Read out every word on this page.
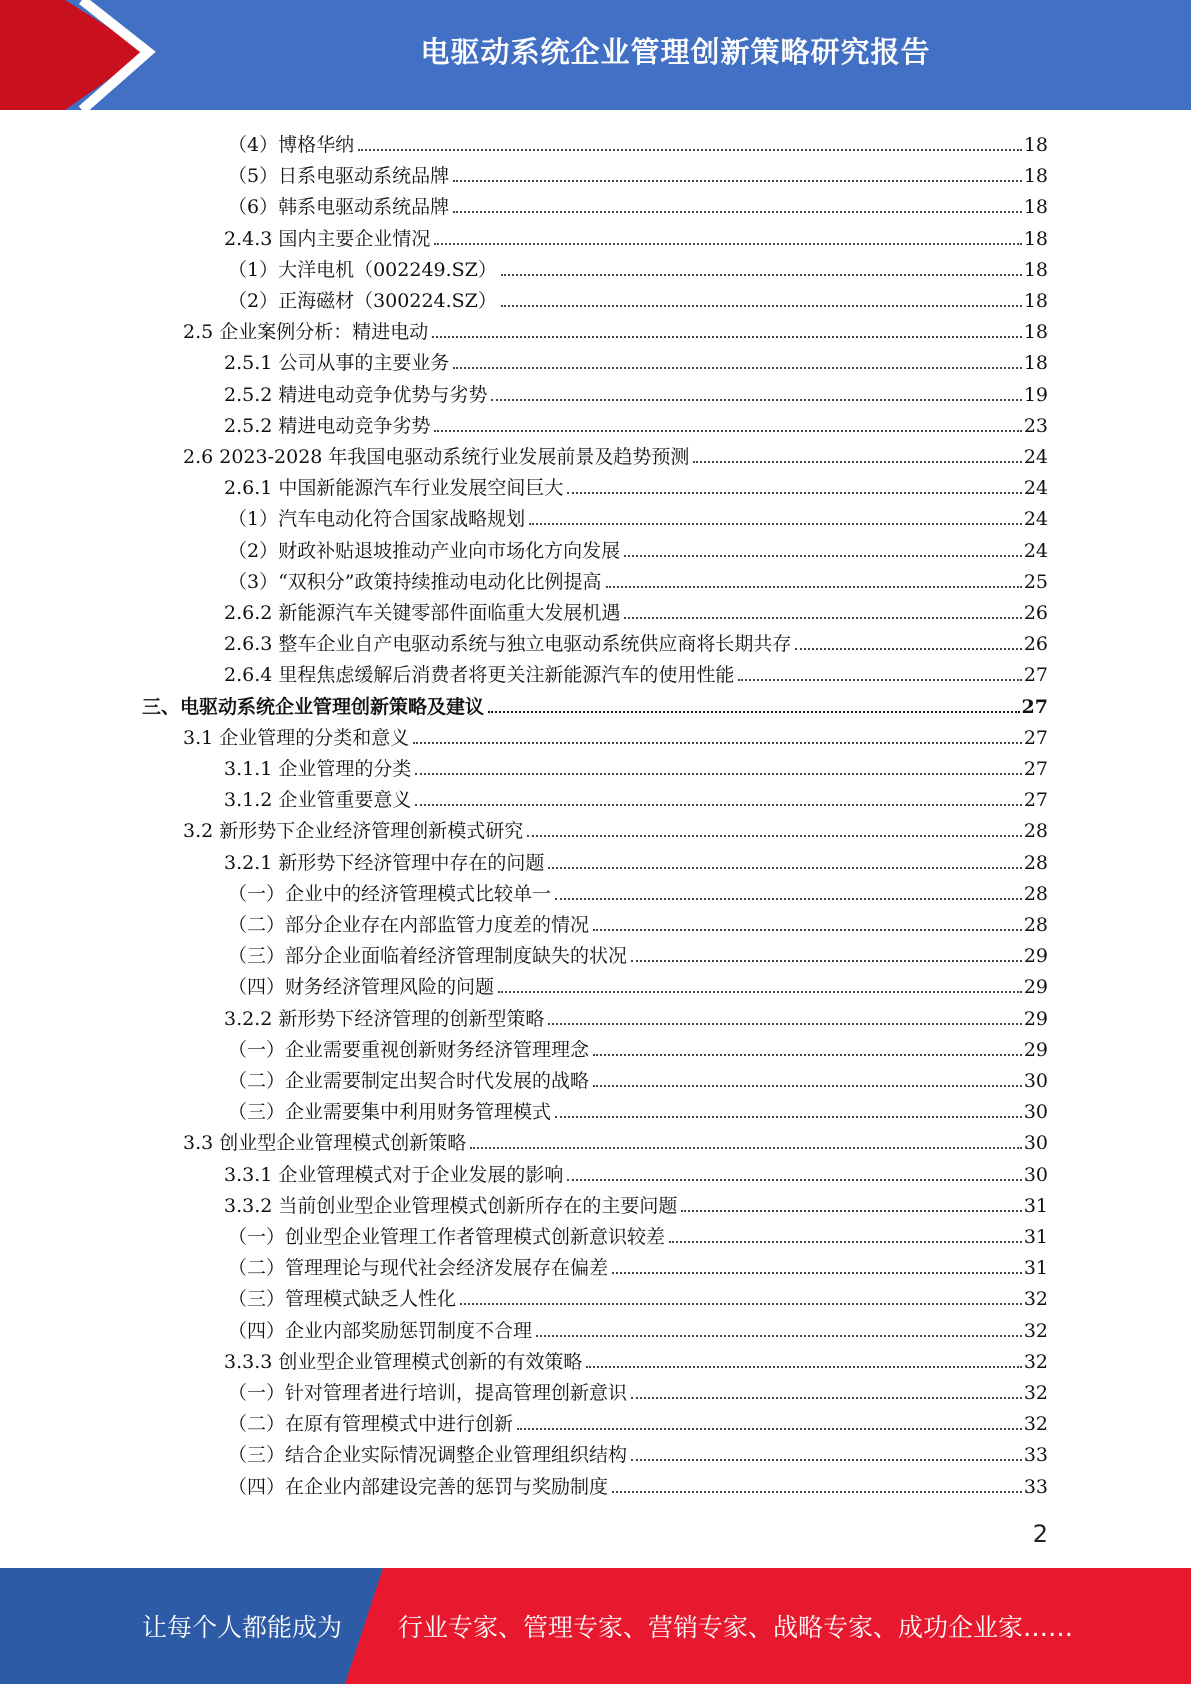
电驱动系统企业管理创新策略研究报告
（4）博格华纳	18
（5）日系电驱动系统品牌	18
（6）韩系电驱动系统品牌	18
2.4.3 国内主要企业情况	18
（1）大洋电机（002249.SZ）	18
（2）正海磁材（300224.SZ）	18
2.5 企业案例分析：精进电动	18
2.5.1 公司从事的主要业务	18
2.5.2 精进电动竞争优势与劣势	19
2.5.2 精进电动竞争劣势	23
2.6 2023-2028 年我国电驱动系统行业发展前景及趋势预测	24
2.6.1 中国新能源汽车行业发展空间巨大	24
（1）汽车电动化符合国家战略规划	24
（2）财政补贴退坡推动产业向市场化方向发展	24
（3）“双积分”政策持续推动电动化比例提高	25
2.6.2 新能源汽车关键零部件面临重大发展机遇	26
2.6.3 整车企业自产电驱动系统与独立电驱动系统供应商将长期共存	26
2.6.4 里程焦虑缓解后消费者将更关注新能源汽车的使用性能	27
三、电驱动系统企业管理创新策略及建议	27
3.1 企业管理的分类和意义	27
3.1.1 企业管理的分类	27
3.1.2 企业管重要意义	27
3.2 新形势下企业经济管理创新模式研究	28
3.2.1 新形势下经济管理中存在的问题	28
（一）企业中的经济管理模式比较单一	28
（二）部分企业存在内部监管力度差的情况	28
（三）部分企业面临着经济管理制度缺失的状况	29
（四）财务经济管理风险的问题	29
3.2.2 新形势下经济管理的创新型策略	29
（一）企业需要重视创新财务经济管理理念	29
（二）企业需要制定出契合时代发展的战略	30
（三）企业需要集中利用财务管理模式	30
3.3 创业型企业管理模式创新策略	30
3.3.1 企业管理模式对于企业发展的影响	30
3.3.2 当前创业型企业管理模式创新所存在的主要问题	31
（一）创业型企业管理工作者管理模式创新意识较差	31
（二）管理理论与现代社会经济发展存在偏差	31
（三）管理模式缺乏人性化	32
（四）企业内部奖励惩罚制度不合理	32
3.3.3 创业型企业管理模式创新的有效策略	32
（一）针对管理者进行培训，提高管理创新意识	32
（二）在原有管理模式中进行创新	32
（三）结合企业实际情况调整企业管理组织结构	33
（四）在企业内部建设完善的惩罚与奖励制度	33
2
让每个人都能成为 行业专家、管理专家、营销专家、战略专家、成功企业家……
